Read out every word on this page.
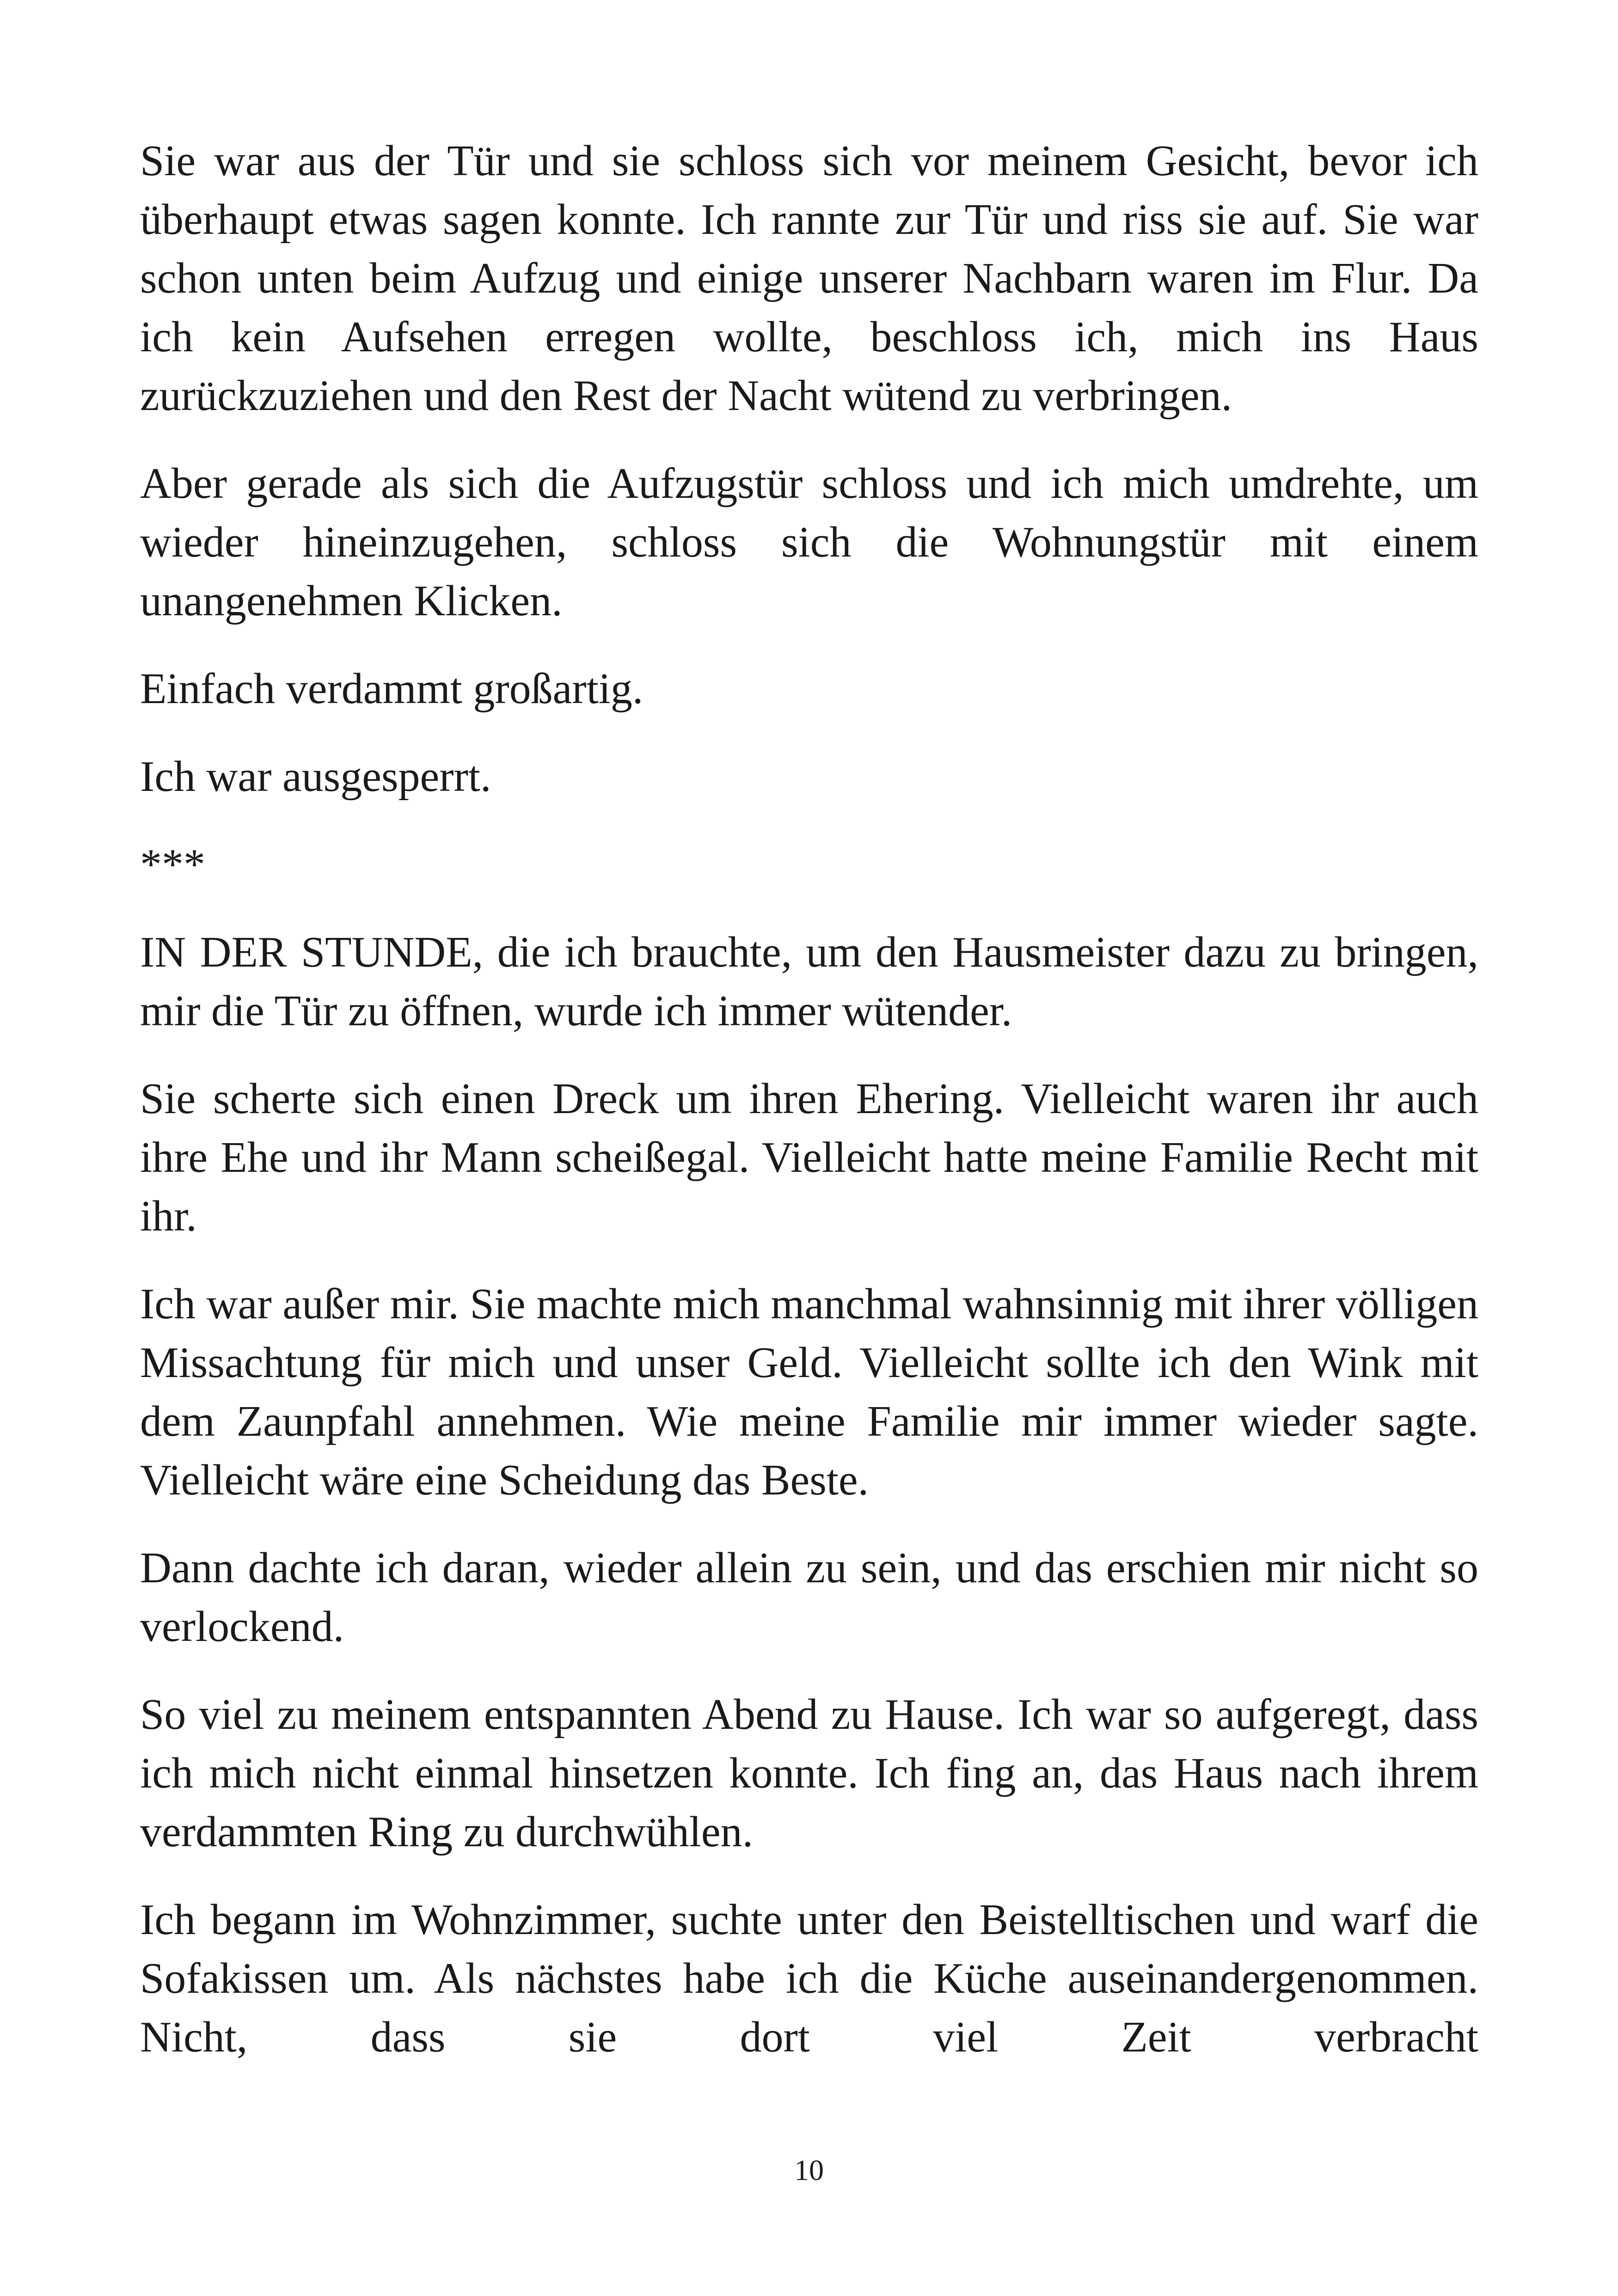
Sie war aus der Tür und sie schloss sich vor meinem Gesicht, bevor ich überhaupt etwas sagen konnte. Ich rannte zur Tür und riss sie auf. Sie war schon unten beim Aufzug und einige unserer Nachbarn waren im Flur. Da ich kein Aufsehen erregen wollte, beschloss ich, mich ins Haus zurückzuziehen und den Rest der Nacht wütend zu verbringen.

Aber gerade als sich die Aufzugstür schloss und ich mich umdrehte, um wieder hineinzugehen, schloss sich die Wohnungstür mit einem unangenehmen Klicken.

Einfach verdammt großartig.

Ich war ausgesperrt.

***

IN DER STUNDE, die ich brauchte, um den Hausmeister dazu zu bringen, mir die Tür zu öffnen, wurde ich immer wütender.

Sie scherte sich einen Dreck um ihren Ehering. Vielleicht waren ihr auch ihre Ehe und ihr Mann scheißegal. Vielleicht hatte meine Familie Recht mit ihr.

Ich war außer mir. Sie machte mich manchmal wahnsinnig mit ihrer völligen Missachtung für mich und unser Geld. Vielleicht sollte ich den Wink mit dem Zaunpfahl annehmen. Wie meine Familie mir immer wieder sagte. Vielleicht wäre eine Scheidung das Beste.

Dann dachte ich daran, wieder allein zu sein, und das erschien mir nicht so verlockend.

So viel zu meinem entspannten Abend zu Hause. Ich war so aufgeregt, dass ich mich nicht einmal hinsetzen konnte. Ich fing an, das Haus nach ihrem verdammten Ring zu durchwühlen.

Ich begann im Wohnzimmer, suchte unter den Beistelltischen und warf die Sofakissen um. Als nächstes habe ich die Küche auseinandergenommen. Nicht, dass sie dort viel Zeit verbracht

10
